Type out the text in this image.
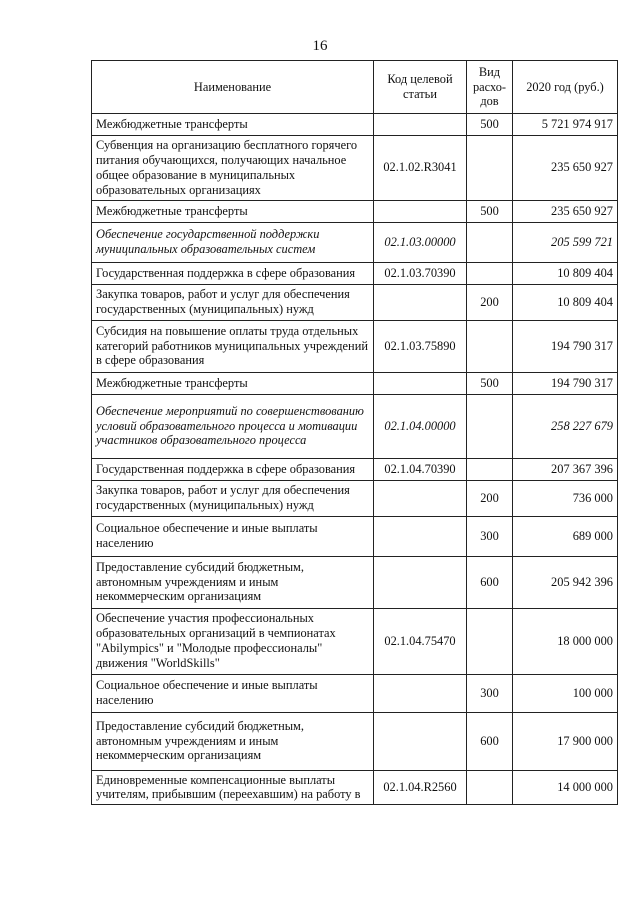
16
Наименование	Код целевой статьи	Вид расхо-дов	2020 год (руб.)
Межбюджетные трансферты		500	5 721 974 917
Субвенция на организацию бесплатного горячего питания обучающихся, получающих начальное общее образование в муниципальных образовательных организациях	02.1.02.R3041		235 650 927
Межбюджетные трансферты		500	235 650 927
Обеспечение государственной поддержки муниципальных образовательных систем	02.1.03.00000		205 599 721
Государственная поддержка в сфере образования	02.1.03.70390		10 809 404
Закупка товаров, работ и услуг для обеспечения государственных (муниципальных) нужд		200	10 809 404
Субсидия на повышение оплаты труда отдельных категорий работников муниципальных учреждений в сфере образования	02.1.03.75890		194 790 317
Межбюджетные трансферты		500	194 790 317
Обеспечение мероприятий по совершенствованию условий образовательного процесса и мотивации участников образовательного процесса	02.1.04.00000		258 227 679
Государственная поддержка в сфере образования	02.1.04.70390		207 367 396
Закупка товаров, работ и услуг для обеспечения государственных (муниципальных) нужд		200	736 000
Социальное обеспечение и иные выплаты населению		300	689 000
Предоставление субсидий бюджетным, автономным учреждениям и иным некоммерческим организациям		600	205 942 396
Обеспечение участия профессиональных образовательных организаций в чемпионатах "Abilympics" и "Молодые профессионалы" движения "WorldSkills"	02.1.04.75470		18 000 000
Социальное обеспечение и иные выплаты населению		300	100 000
Предоставление субсидий бюджетным, автономным учреждениям и иным некоммерческим организациям		600	17 900 000
Единовременные компенсационные выплаты учителям, прибывшим (переехавшим) на работу в	02.1.04.R2560		14 000 000
